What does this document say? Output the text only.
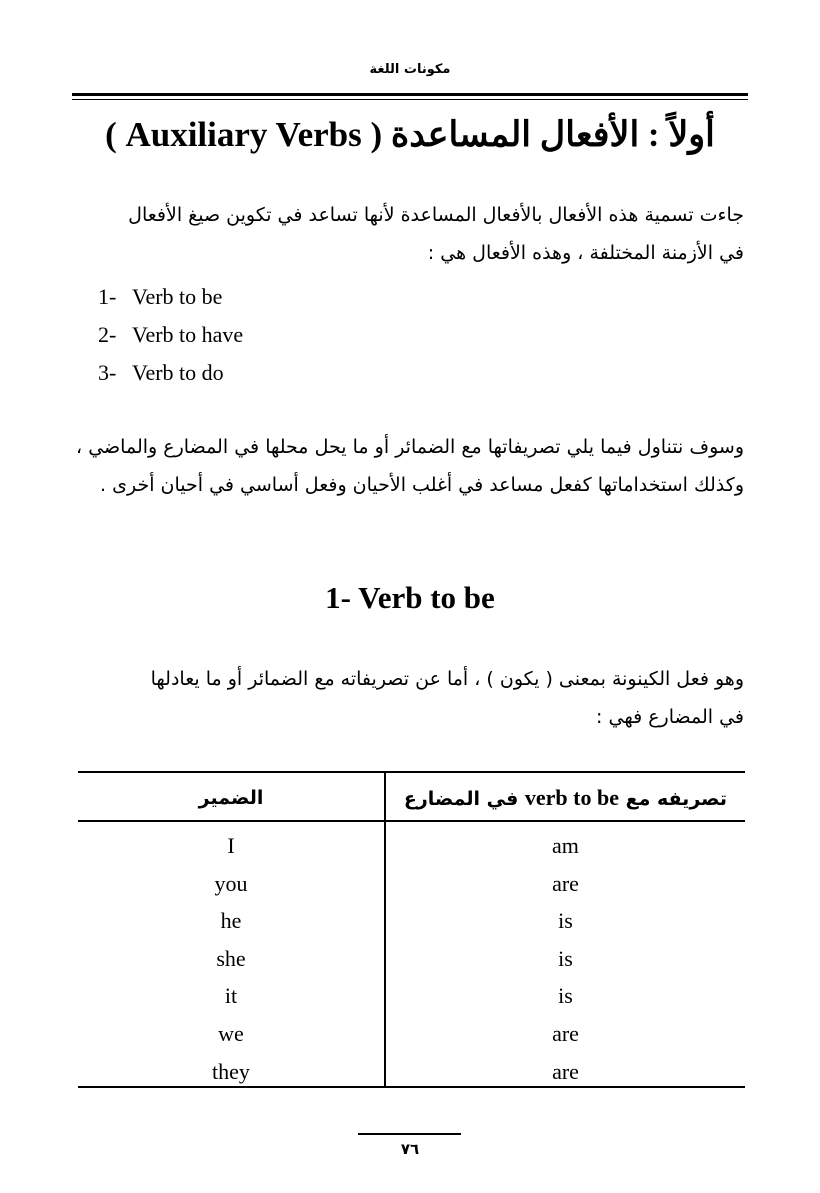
مكونات اللغة
أولاً : الأفعال المساعدة ( Auxiliary Verbs )
جاءت تسمية هذه الأفعال بالأفعال المساعدة لأنها تساعد في تكوين صيغ الأفعال
في الأزمنة المختلفة ، وهذه الأفعال هي :
1- Verb to be
2- Verb to have
3- Verb to do
وسوف نتناول فيما يلي تصريفاتها مع الضمائر أو ما يحل محلها في المضارع والماضي ، وكذلك استخداماتها كفعل مساعد في أغلب الأحيان وفعل أساسي في أحيان أخرى .
1- Verb to be
وهو فعل الكينونة بمعنى ( يكون ) ، أما عن تصريفاته مع الضمائر أو ما يعادلها
في المضارع فهي :
تصريفه مع verb to be في المضارع
الضمير
I
you
he
she
it
we
they
am
are
is
is
is
are
are
٧٦
